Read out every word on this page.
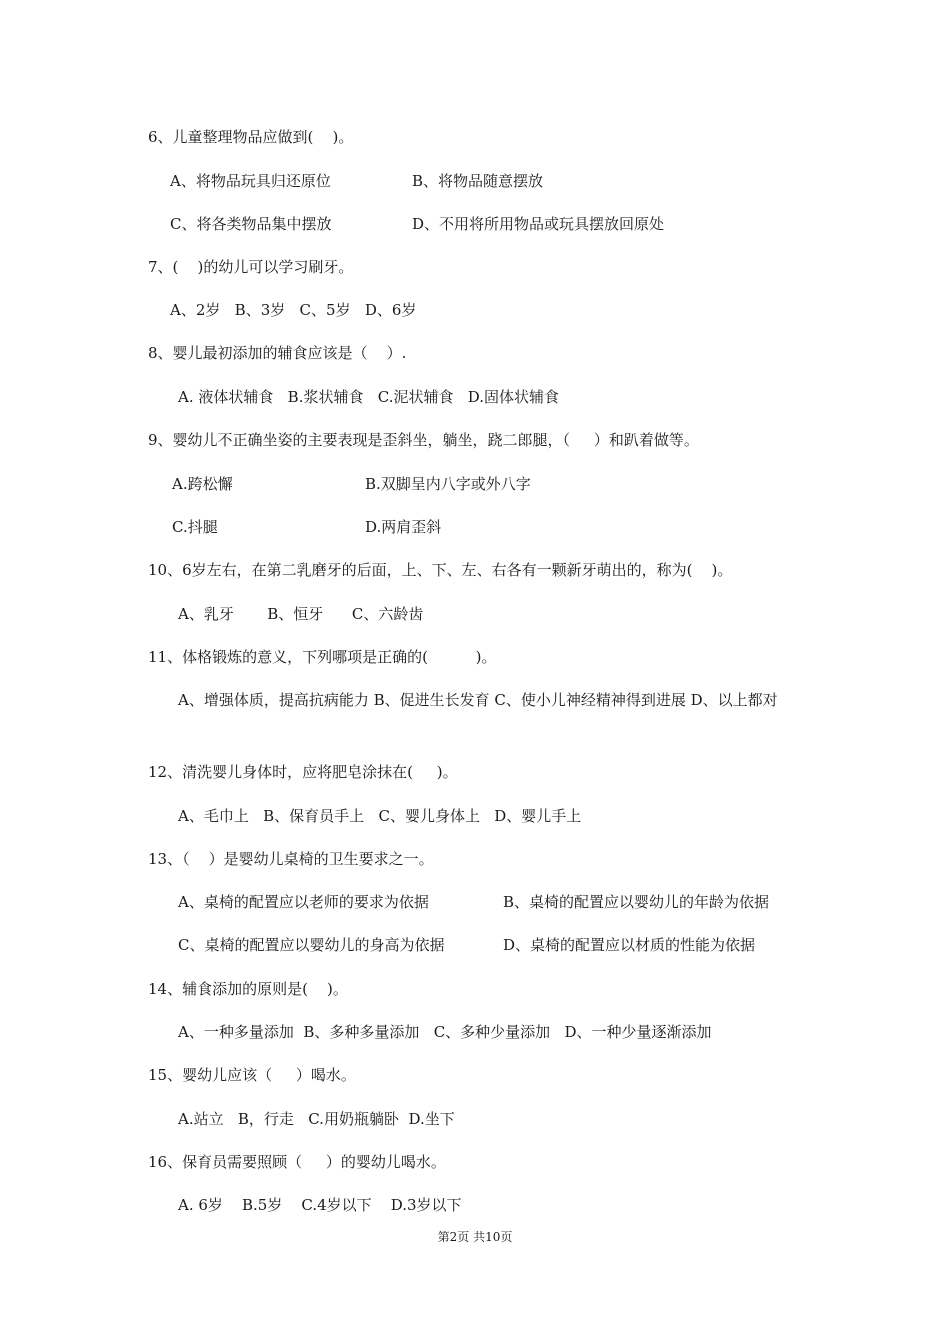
6、儿童整理物品应做到(    )。
A、将物品玩具归还原位	B、将物品随意摆放
C、将各类物品集中摆放	D、不用将所用物品或玩具摆放回原处
7、(    )的幼儿可以学习刷牙。
A、2岁   B、3岁   C、5岁   D、6岁
8、婴儿最初添加的辅食应该是（    ）.
A. 液体状辅食   B.浆状辅食   C.泥状辅食   D.固体状辅食
9、婴幼儿不正确坐姿的主要表现是歪斜坐，躺坐，跷二郎腿，（     ）和趴着做等。
A.跨松懈	B.双脚呈内八字或外八字
C.抖腿	D.两肩歪斜
10、6岁左右，在第二乳磨牙的后面，上、下、左、右各有一颗新牙萌出的，称为(    )。
A、乳牙       B、恒牙      C、六龄齿
11、体格锻炼的意义，下列哪项是正确的(          )。
A、增强体质，提高抗病能力 B、促进生长发育 C、使小儿神经精神得到进展 D、以上都对
12、清洗婴儿身体时，应将肥皂涂抹在(     )。
A、毛巾上   B、保育员手上   C、婴儿身体上   D、婴儿手上
13、（    ）是婴幼儿桌椅的卫生要求之一。
A、桌椅的配置应以老师的要求为依据	B、桌椅的配置应以婴幼儿的年龄为依据
C、桌椅的配置应以婴幼儿的身高为依据	D、桌椅的配置应以材质的性能为依据
14、辅食添加的原则是(    )。
A、一种多量添加  B、多种多量添加   C、多种少量添加   D、一种少量逐渐添加
15、婴幼儿应该（     ）喝水。
A.站立   B，行走   C.用奶瓶躺卧  D.坐下
16、保育员需要照顾（     ）的婴幼儿喝水。
A. 6岁    B.5岁    C.4岁以下    D.3岁以下
第2页 共10页
